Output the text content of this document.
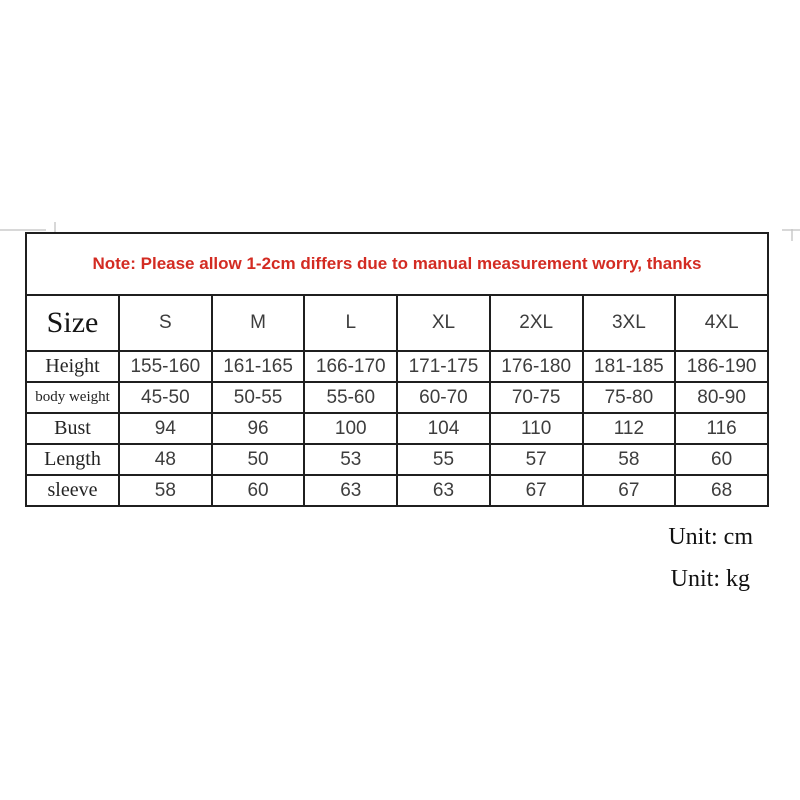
Note: Please allow 1-2cm differs due to manual measurement worry, thanks							
Size	S	M	L	XL	2XL	3XL	4XL
Height	155-160	161-165	166-170	171-175	176-180	181-185	186-190
body weight	45-50	50-55	55-60	60-70	70-75	75-80	80-90
Bust	94	96	100	104	110	112	116
Length	48	50	53	55	57	58	60
sleeve	58	60	63	63	67	67	68
Unit: cm
Unit: kg
